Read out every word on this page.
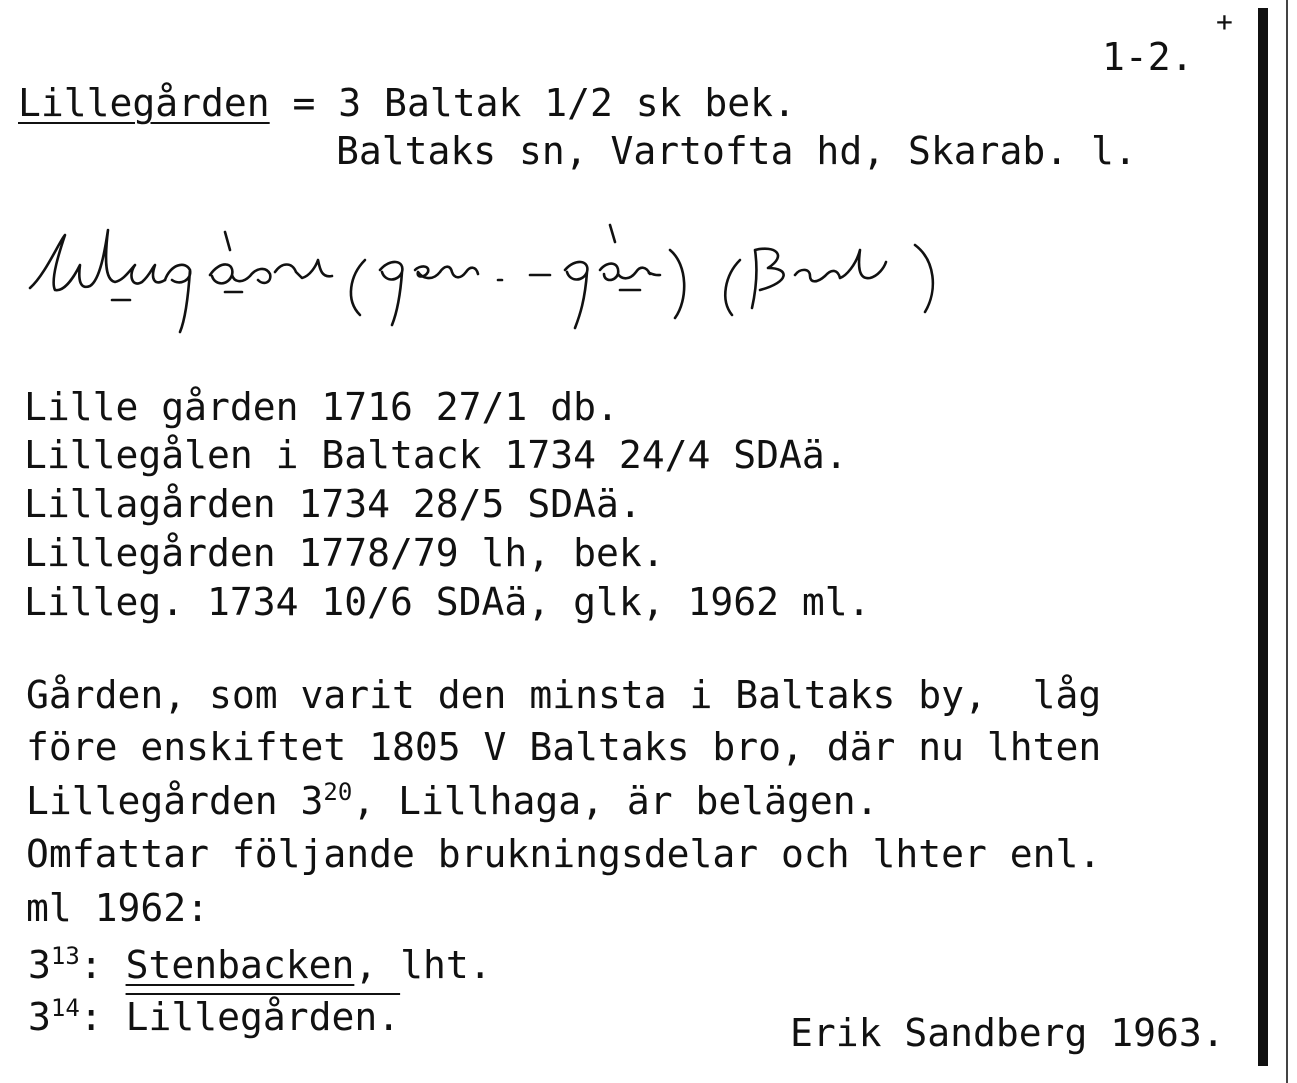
+
1-2.
Lillegården = 3 Baltak 1/2 sk bek.
Baltaks sn, Vartofta hd, Skarab. l.
Lille gården 1716 27/1 db.
Lillegålen i Baltack 1734 24/4 SDAä.
Lillagården 1734 28/5 SDAä.
Lillegården 1778/79 lh, bek.
Lilleg. 1734 10/6 SDAä, glk, 1962 ml.
Gården, som varit den minsta i Baltaks by,  låg
före enskiftet 1805 V Baltaks bro, där nu lhten
Lillegården $3^{20}$, Lillhaga, är belägen.
Omfattar följande brukningsdelar och lhter enl.
ml 1962:
$3^{13}$: Stenbacken, lht.
$3^{14}$: Lillegården.	Erik Sandberg 1963.
